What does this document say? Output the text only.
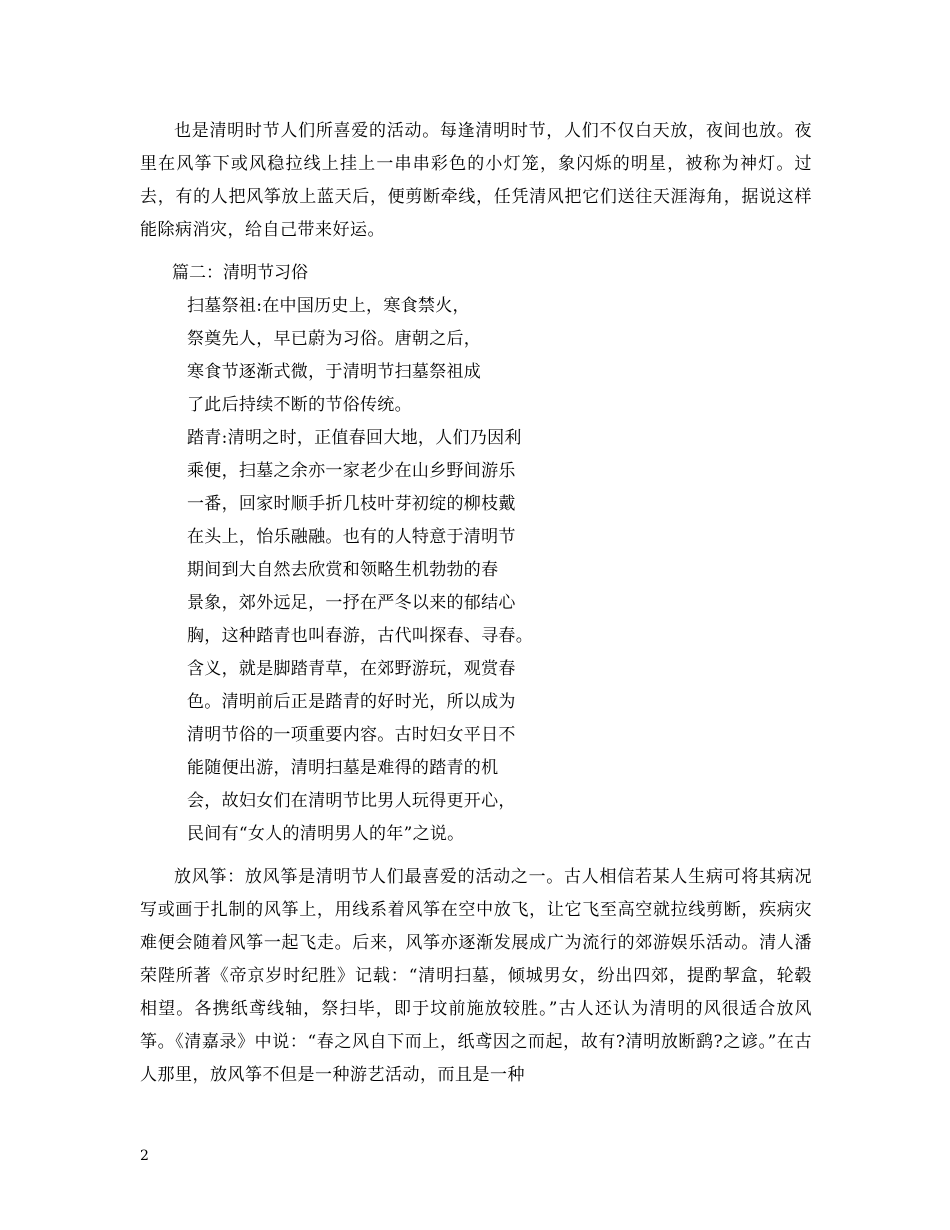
也是清明时节人们所喜爱的活动。每逢清明时节，人们不仅白天放，夜间也放。夜里在风筝下或风稳拉线上挂上一串串彩色的小灯笼，象闪烁的明星，被称为神灯。过去，有的人把风筝放上蓝天后，便剪断牵线，任凭清风把它们送往天涯海角，据说这样能除病消灾，给自己带来好运。

篇二：清明节习俗

扫墓祭祖:在中国历史上，寒食禁火，
祭奠先人，早已蔚为习俗。唐朝之后，
寒食节逐渐式微，于清明节扫墓祭祖成
了此后持续不断的节俗传统。
踏青:清明之时，正值春回大地，人们乃因利
乘便，扫墓之余亦一家老少在山乡野间游乐
一番，回家时顺手折几枝叶芽初绽的柳枝戴
在头上，怡乐融融。也有的人特意于清明节
期间到大自然去欣赏和领略生机勃勃的春
景象，郊外远足，一抒在严冬以来的郁结心
胸，这种踏青也叫春游，古代叫探春、寻春。
含义，就是脚踏青草，在郊野游玩，观赏春
色。清明前后正是踏青的好时光，所以成为
清明节俗的一项重要内容。古时妇女平日不
能随便出游，清明扫墓是难得的踏青的机
会，故妇女们在清明节比男人玩得更开心，
民间有“女人的清明男人的年”之说。

放风筝：放风筝是清明节人们最喜爱的活动之一。古人相信若某人生病可将其病况写或画于扎制的风筝上，用线系着风筝在空中放飞，让它飞至高空就拉线剪断，疾病灾难便会随着风筝一起飞走。后来，风筝亦逐渐发展成广为流行的郊游娱乐活动。清人潘荣陛所著《帝京岁时纪胜》记载：“清明扫墓，倾城男女，纷出四郊，提酌挈盒，轮毂相望。各携纸鸢线轴，祭扫毕，即于坟前施放较胜。”古人还认为清明的风很适合放风筝。《清嘉录》中说：“春之风自下而上，纸鸢因之而起，故有?清明放断鹞?之谚。”在古人那里，放风筝不但是一种游艺活动，而且是一种

2
